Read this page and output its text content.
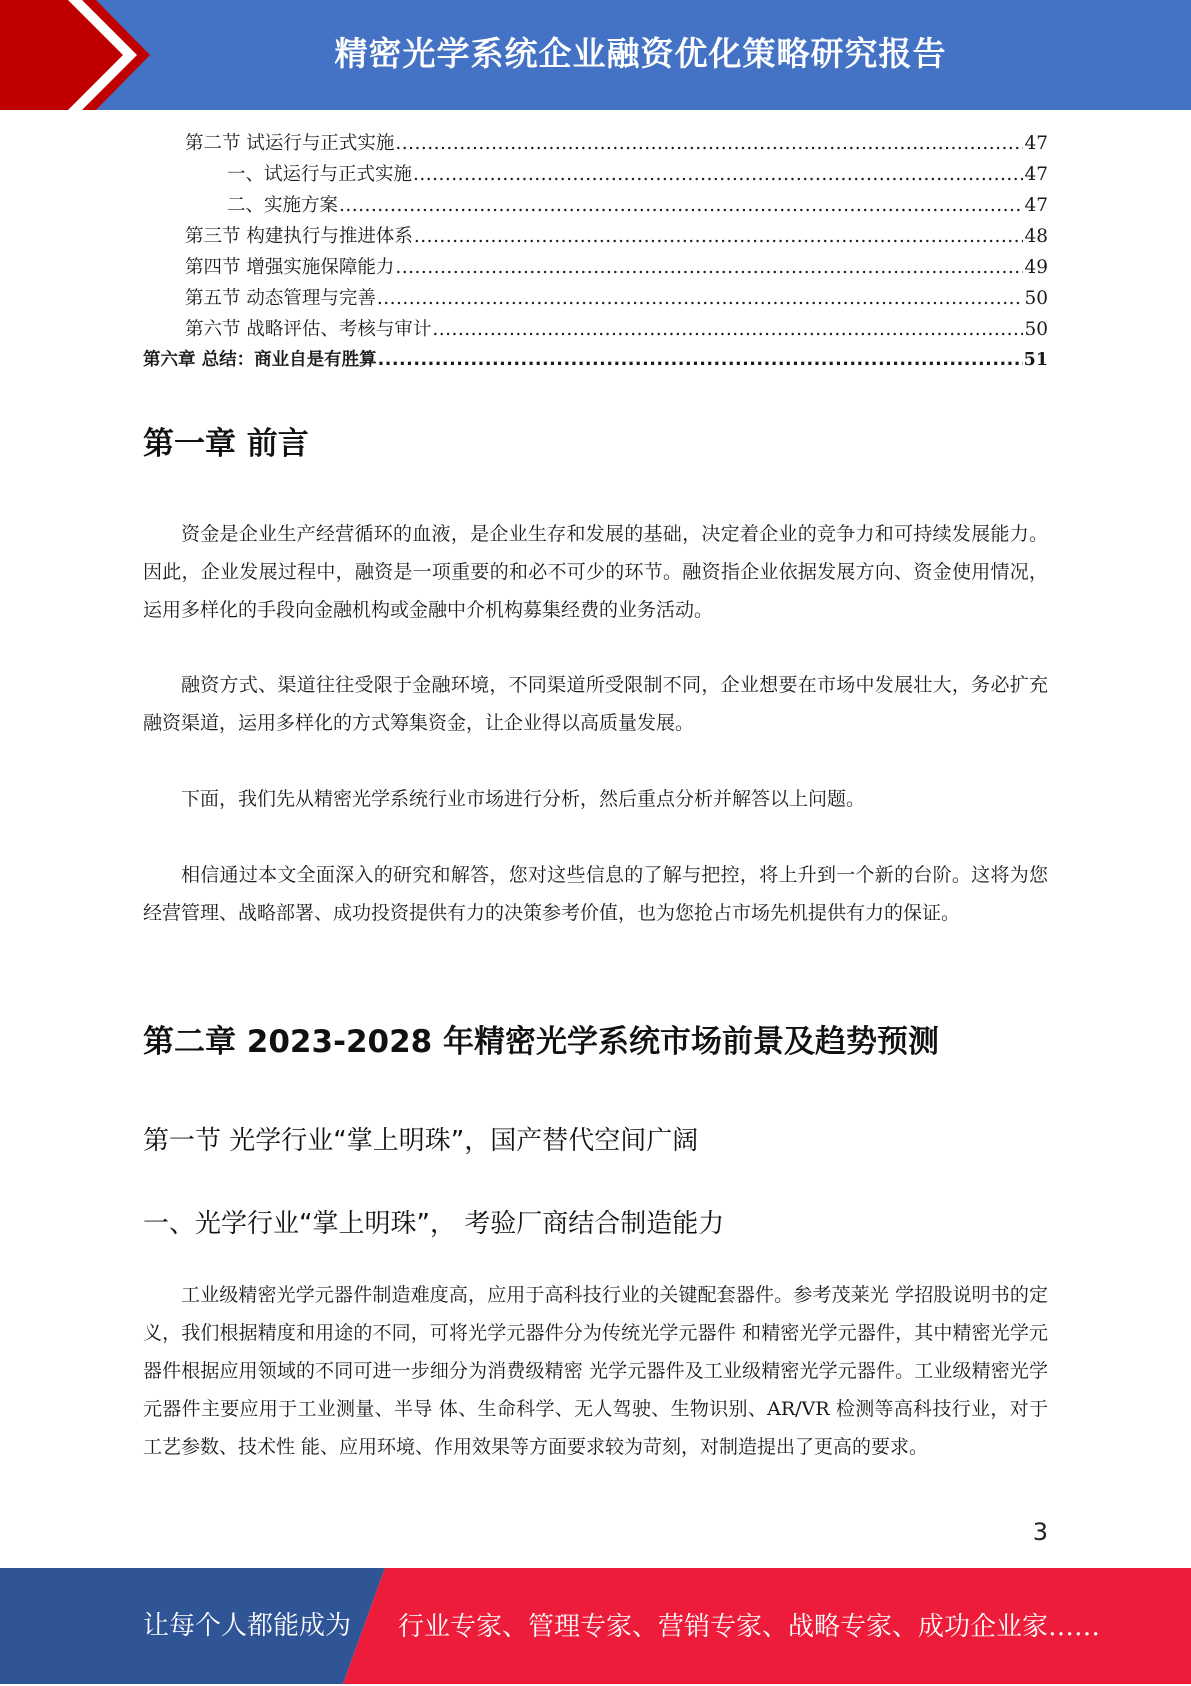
精密光学系统企业融资优化策略研究报告
第二节 试运行与正式实施 .....	47
一、试运行与正式实施 .....	47
二、实施方案 .....	47
第三节 构建执行与推进体系 .....	48
第四节 增强实施保障能力 .....	49
第五节 动态管理与完善 .....	50
第六节 战略评估、考核与审计 .....	50
第六章 总结：商业自是有胜算 .....	51
第一章 前言

资金是企业生产经营循环的血液，是企业生存和发展的基础，决定着企业的竞争力和可持续发展能力。因此，企业发展过程中，融资是一项重要的和必不可少的环节。融资指企业依据发展方向、资金使用情况，运用多样化的手段向金融机构或金融中介机构募集经费的业务活动。

融资方式、渠道往往受限于金融环境，不同渠道所受限制不同，企业想要在市场中发展壮大，务必扩充融资渠道，运用多样化的方式筹集资金，让企业得以高质量发展。

下面，我们先从精密光学系统行业市场进行分析，然后重点分析并解答以上问题。

相信通过本文全面深入的研究和解答，您对这些信息的了解与把控，将上升到一个新的台阶。这将为您经营管理、战略部署、成功投资提供有力的决策参考价值，也为您抢占市场先机提供有力的保证。

第二章 2023-2028 年精密光学系统市场前景及趋势预测
第一节 光学行业“掌上明珠”，国产替代空间广阔
一、光学行业“掌上明珠”， 考验厂商结合制造能力

工业级精密光学元器件制造难度高，应用于高科技行业的关键配套器件。参考茂莱光 学招股说明书的定义，我们根据精度和用途的不同，可将光学元器件分为传统光学元器件 和精密光学元器件，其中精密光学元器件根据应用领域的不同可进一步细分为消费级精密 光学元器件及工业级精密光学元器件。工业级精密光学元器件主要应用于工业测量、半导 体、生命科学、无人驾驶、生物识别、AR/VR 检测等高科技行业，对于工艺参数、技术性 能、应用环境、作用效果等方面要求较为苛刻，对制造提出了更高的要求。

3
让每个人都能成为 行业专家、管理专家、营销专家、战略专家、成功企业家……
